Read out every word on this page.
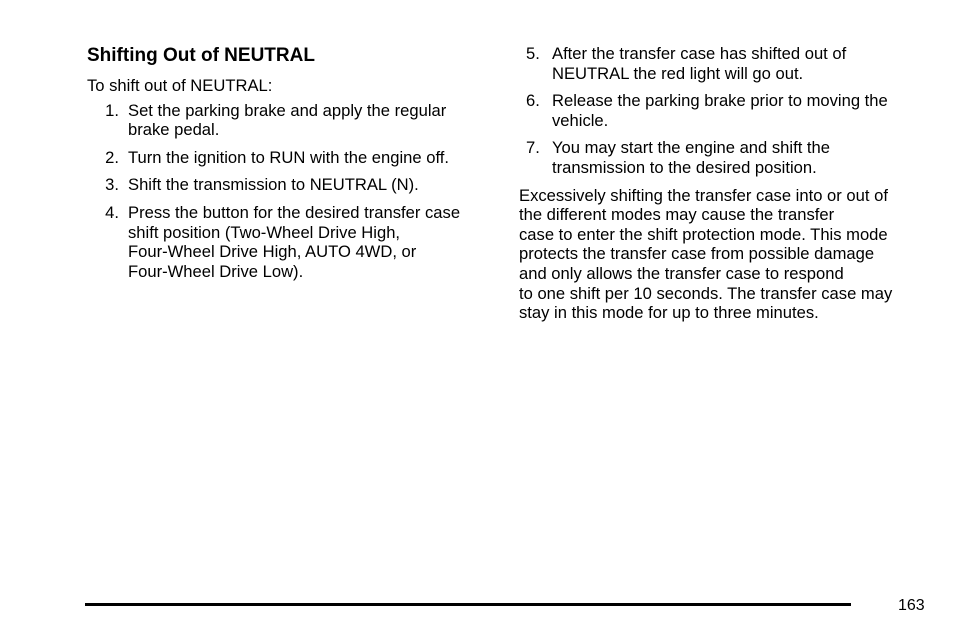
Shifting Out of NEUTRAL
To shift out of NEUTRAL:
1. Set the parking brake and apply the regular
brake pedal.
2. Turn the ignition to RUN with the engine off.
3. Shift the transmission to NEUTRAL (N).
4. Press the button for the desired transfer case
shift position (Two-Wheel Drive High,
Four-Wheel Drive High, AUTO 4WD, or
Four-Wheel Drive Low).
5. After the transfer case has shifted out of
NEUTRAL the red light will go out.
6. Release the parking brake prior to moving the
vehicle.
7. You may start the engine and shift the
transmission to the desired position.

Excessively shifting the transfer case into or out of
the different modes may cause the transfer
case to enter the shift protection mode. This mode
protects the transfer case from possible damage
and only allows the transfer case to respond
to one shift per 10 seconds. The transfer case may
stay in this mode for up to three minutes.

163
